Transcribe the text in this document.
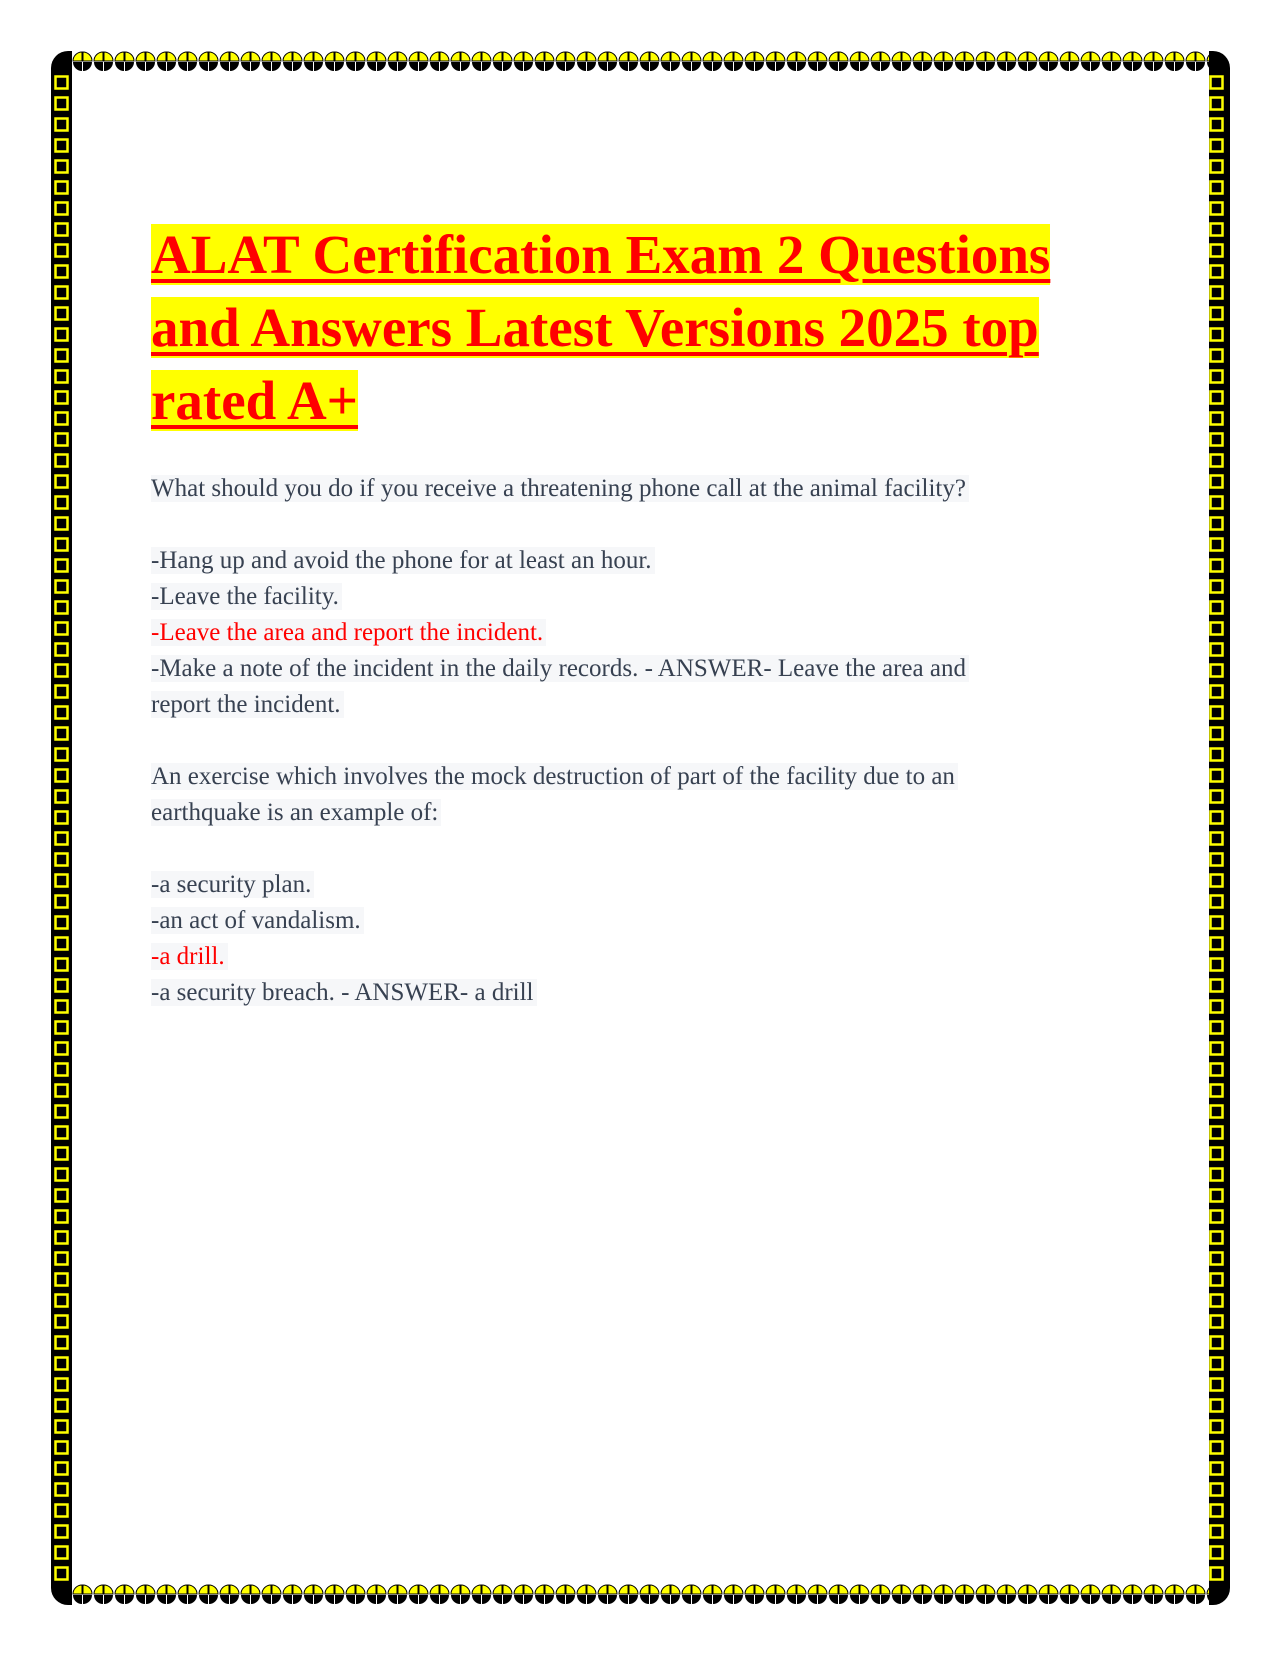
ALAT Certification Exam 2 Questions
and Answers Latest Versions 2025 top
rated A+
What should you do if you receive a threatening phone call at the animal facility?
-Hang up and avoid the phone for at least an hour.
-Leave the facility.
-Leave the area and report the incident.
-Make a note of the incident in the daily records. - ANSWER- Leave the area and
report the incident.
An exercise which involves the mock destruction of part of the facility due to an
earthquake is an example of:
-a security plan.
-an act of vandalism.
-a drill.
-a security breach. - ANSWER- a drill
